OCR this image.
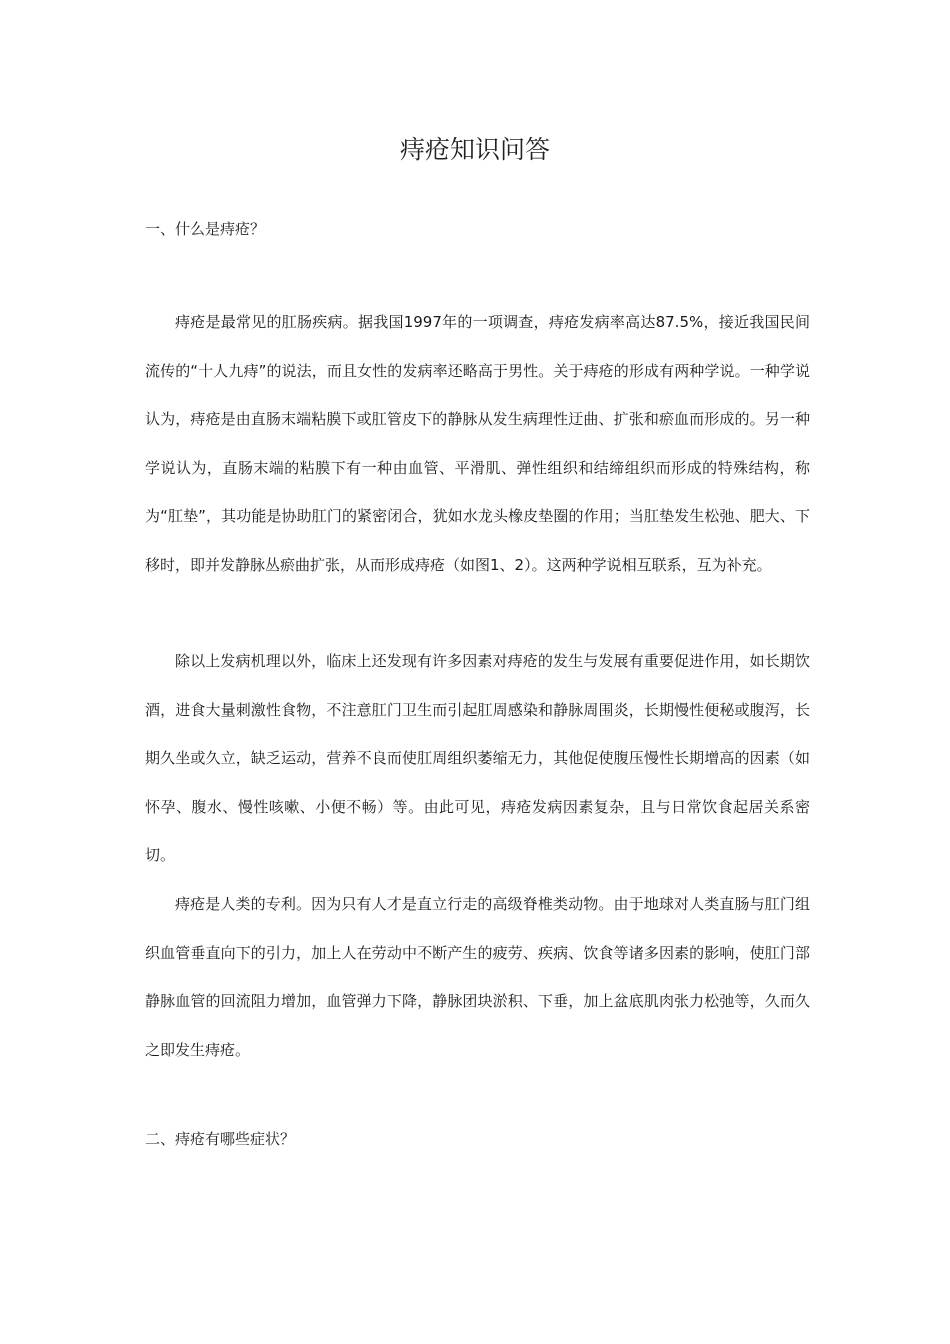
痔疮知识问答
一、什么是痔疮？

痔疮是最常见的肛肠疾病。据我国1997年的一项调查，痔疮发病率高达87.5%，接近我国民间流传的“十人九痔”的说法，而且女性的发病率还略高于男性。关于痔疮的形成有两种学说。一种学说认为，痔疮是由直肠末端粘膜下或肛管皮下的静脉从发生病理性迂曲、扩张和瘀血而形成的。另一种学说认为，直肠末端的粘膜下有一种由血管、平滑肌、弹性组织和结缔组织而形成的特殊结构，称为“肛垫”，其功能是协助肛门的紧密闭合，犹如水龙头橡皮垫圈的作用；当肛垫发生松弛、肥大、下移时，即并发静脉丛瘀曲扩张，从而形成痔疮（如图1、2）。这两种学说相互联系，互为补充。

除以上发病机理以外，临床上还发现有许多因素对痔疮的发生与发展有重要促进作用，如长期饮酒，进食大量刺激性食物，不注意肛门卫生而引起肛周感染和静脉周围炎，长期慢性便秘或腹泻，长期久坐或久立，缺乏运动，营养不良而使肛周组织萎缩无力，其他促使腹压慢性长期增高的因素（如怀孕、腹水、慢性咳嗽、小便不畅）等。由此可见，痔疮发病因素复杂，且与日常饮食起居关系密切。

痔疮是人类的专利。因为只有人才是直立行走的高级脊椎类动物。由于地球对人类直肠与肛门组织血管垂直向下的引力，加上人在劳动中不断产生的疲劳、疾病、饮食等诸多因素的影响，使肛门部静脉血管的回流阻力增加，血管弹力下降，静脉团块淤积、下垂，加上盆底肌肉张力松弛等，久而久之即发生痔疮。

二、痔疮有哪些症状？
